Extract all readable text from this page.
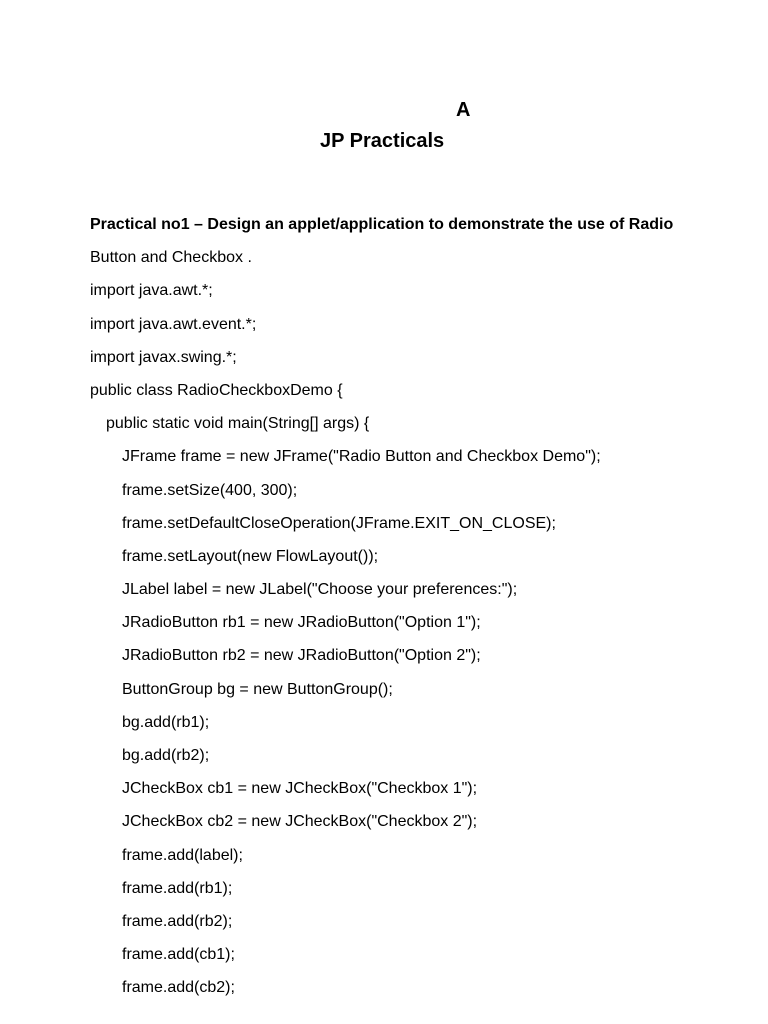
A
JP Practicals
Practical no1 – Design an applet/application to demonstrate the use of Radio
Button and Checkbox .
import java.awt.*;
import java.awt.event.*;
import javax.swing.*;
public class RadioCheckboxDemo {
public static void main(String[] args) {
JFrame frame = new JFrame("Radio Button and Checkbox Demo");
frame.setSize(400, 300);
frame.setDefaultCloseOperation(JFrame.EXIT_ON_CLOSE);
frame.setLayout(new FlowLayout());
JLabel label = new JLabel("Choose your preferences:");
JRadioButton rb1 = new JRadioButton("Option 1");
JRadioButton rb2 = new JRadioButton("Option 2");
ButtonGroup bg = new ButtonGroup();
bg.add(rb1);
bg.add(rb2);
JCheckBox cb1 = new JCheckBox("Checkbox 1");
JCheckBox cb2 = new JCheckBox("Checkbox 2");
frame.add(label);
frame.add(rb1);
frame.add(rb2);
frame.add(cb1);
frame.add(cb2);
